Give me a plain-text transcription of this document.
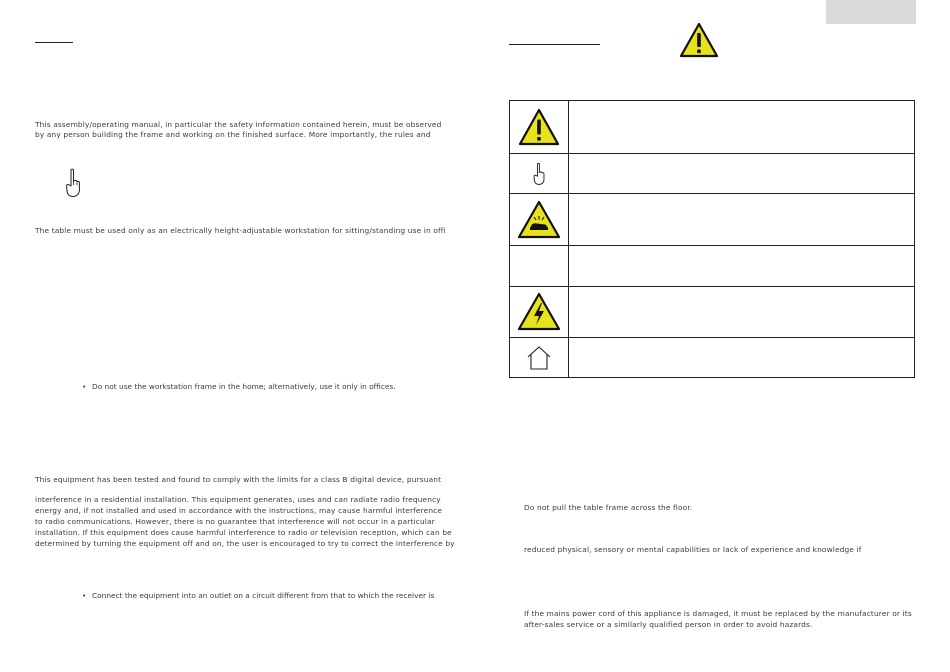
This assembly/operating manual, in particular the safety information contained herein, must be observed
by any person building the frame and working on the finished surface. More importantly, the rules and
The table must be used only as an electrically height-adjustable workstation for sitting/standing use in offi
• Do not use the workstation frame in the home; alternatively, use it only in offices.
This equipment has been tested and found to comply with the limits for a class B digital device, pursuant
interference in a residential installation. This equipment generates, uses and can radiate radio frequency
energy and, if not installed and used in accordance with the instructions, may cause harmful interference
to radio communications. However, there is no guarantee that interference will not occur in a particular
installation. If this equipment does cause harmful interference to radio or television reception, which can be
determined by turning the equipment off and on, the user is encouraged to try to correct the interference by
• Connect the equipment into an outlet on a circuit different from that to which the receiver is
Do not pull the table frame across the floor.
reduced physical, sensory or mental capabilities or lack of experience and knowledge if
If the mains power cord of this appliance is damaged, it must be replaced by the manufacturer or its
after-sales service or a similarly qualified person in order to avoid hazards.
